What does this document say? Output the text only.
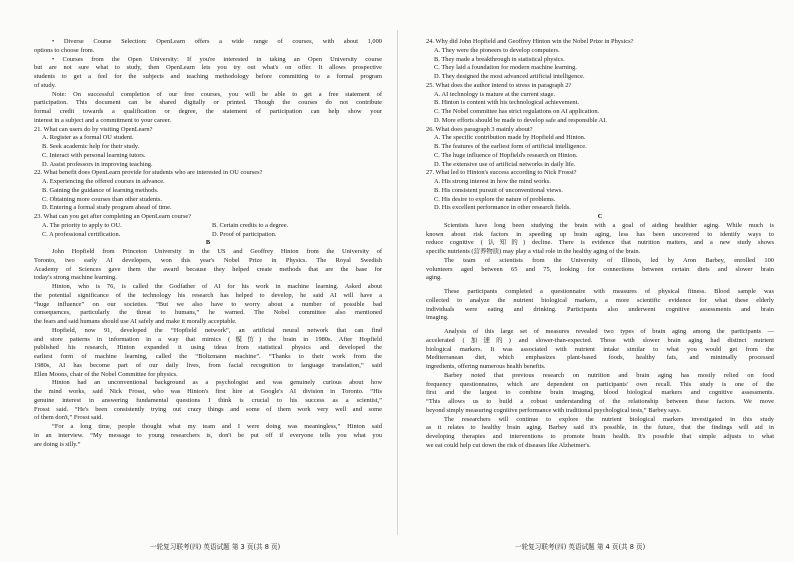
• Diverse Course Selection: OpenLearn offers a wide range of courses, with about 1,000
options to choose from.
• Courses from the Open University: If you're interested in taking an Open University course
but are not sure what to study, then OpenLearn lets you try out what's on offer. It allows prospective
students to get a feel for the subjects and teaching methodology before committing to a formal program
of study.
Note: On successful completion of our free courses, you will be able to get a free statement of
participation. This document can be shared digitally or printed. Though the courses do not contribute
formal credit towards a qualification or degree, the statement of participation can help show your
interest in a subject and a commitment to your career.
21. What can users do by visiting OpenLearn?
A. Register as a formal OU student.
B. Seek academic help for their study.
C. Interact with personal learning tutors.
D. Assist professors in improving teaching.
22. What benefit does OpenLearn provide for students who are interested in OU courses?
A. Experiencing the offered courses in advance.
B. Gaining the guidance of learning methods.
C. Obtaining more courses than other students.
D. Entering a formal study program ahead of time.
23. What can you get after completing an OpenLearn course?
A. The priority to apply to OU.	B. Certain credits to a degree.
C. A professional certification.	D. Proof of participation.
B
John Hopfield from Princeton University in the US and Geoffrey Hinton from the University of
Toronto, two early AI developers, won this year's Nobel Prize in Physics. The Royal Swedish
Academy of Sciences gave them the award because they helped create methods that are the base for
today's strong machine learning.
Hinton, who is 76, is called the Godfather of AI for his work in machine learning. Asked about
the potential significance of the technology his research has helped to develop, he said AI will have a
“huge influence” on our societies. “But we also have to worry about a number of possible bad
consequences, particularly the threat to humans,” he warned. The Nobel committee also mentioned
the fears and said humans should use AI safely and make it morally acceptable.
Hopfield, now 91, developed the “Hopfield network”, an artificial neural network that can find
and store patterns in information in a way that mimics (模仿) the brain in 1980s. After Hopfield
published his research, Hinton expanded it using ideas from statistical physics and developed the
earliest form of machine learning, called the “Boltzmann machine”. “Thanks to their work from the
1980s, AI has become part of our daily lives, from facial recognition to language translation,” said
Ellen Moons, chair of the Nobel Committee for physics.
Hinton had an unconventional background as a psychologist and was genuinely curious about how
the mind works, said Nick Frosst, who was Hinton's first hire at Google's AI division in Toronto. “His
genuine interest in answering fundamental questions I think is crucial to his success as a scientist,”
Frosst said. “He's been consistently trying out crazy things and some of them work very well and some
of them don't,” Frosst said.
“For a long time, people thought what my team and I were doing was meaningless,” Hinton said
in an interview. “My message to young researchers is, don't be put off if everyone tells you what you
are doing is silly.”
24. Why did John Hopfield and Geoffrey Hinton win the Nobel Prize in Physics?
A. They were the pioneers to develop computers.
B. They made a breakthrough in statistical physics.
C. They laid a foundation for modern machine learning.
D. They designed the most advanced artificial intelligence.
25. What does the author intend to stress in paragraph 2?
A. AI technology is mature at the current stage.
B. Hinton is content with his technological achievement.
C. The Nobel committee has strict regulations on AI application.
D. More efforts should be made to develop safe and responsible AI.
26. What does paragraph 3 mainly about?
A. The specific contribution made by Hopfield and Hinton.
B. The features of the earliest form of artificial intelligence.
C. The huge influence of Hopfield's research on Hinton.
D. The extensive use of artificial networks in daily life.
27. What led to Hinton's success according to Nick Frosst?
A. His strong interest in how the mind works.
B. His consistent pursuit of unconventional views.
C. His desire to explore the nature of problems.
D. His excellent performance in other research fields.
C
Scientists have long been studying the brain with a goal of aiding healthier aging. While much is
known about risk factors in speeding up brain aging, less has been uncovered to identify ways to
reduce cognitive (认知的) decline. There is evidence that nutrition matters, and a new study shows
specific nutrients (营养物质) may play a vital role in the healthy aging of the brain.
The team of scientists from the University of Illinois, led by Aron Barbey, enrolled 100
volunteers aged between 65 and 75, looking for connections between certain diets and slower brain
aging.
These participants completed a questionnaire with measures of physical fitness. Blood sample was
collected to analyze the nutrient biological markers, a more scientific evidence for what these elderly
individuals were eating and drinking. Participants also underwent cognitive assessments and brain
imaging.
Analysis of this large set of measures revealed two types of brain aging among the participants —
accelerated (加速的) and slower-than-expected. Those with slower brain aging had distinct nutrient
biological markers. It was associated with nutrient intake similar to what you would get from the
Mediterranean diet, which emphasizes plant-based foods, healthy fats, and minimally processed
ingredients, offering numerous health benefits.
Barbey noted that previous research on nutrition and brain aging has mostly relied on food
frequency questionnaires, which are dependent on participants' own recall. This study is one of the
first and the largest to combine brain imaging, blood biological markers and cognitive assessments.
“This allows us to build a robust understanding of the relationship between these factors. We move
beyond simply measuring cognitive performance with traditional psychological tests,” Barbey says.
The researchers will continue to explore the nutrient biological markers investigated in this study
as it relates to healthy brain aging. Barbey said it's possible, in the future, that the findings will aid in
developing therapies and interventions to promote brain health. It's possible that simple adjusts to what
we eat could help cut down the risk of diseases like Alzheimer's.
一轮复习联考(四) 英语试题 第 3 页(共 8 页)	一轮复习联考(四) 英语试题 第 4 页(共 8 页)
